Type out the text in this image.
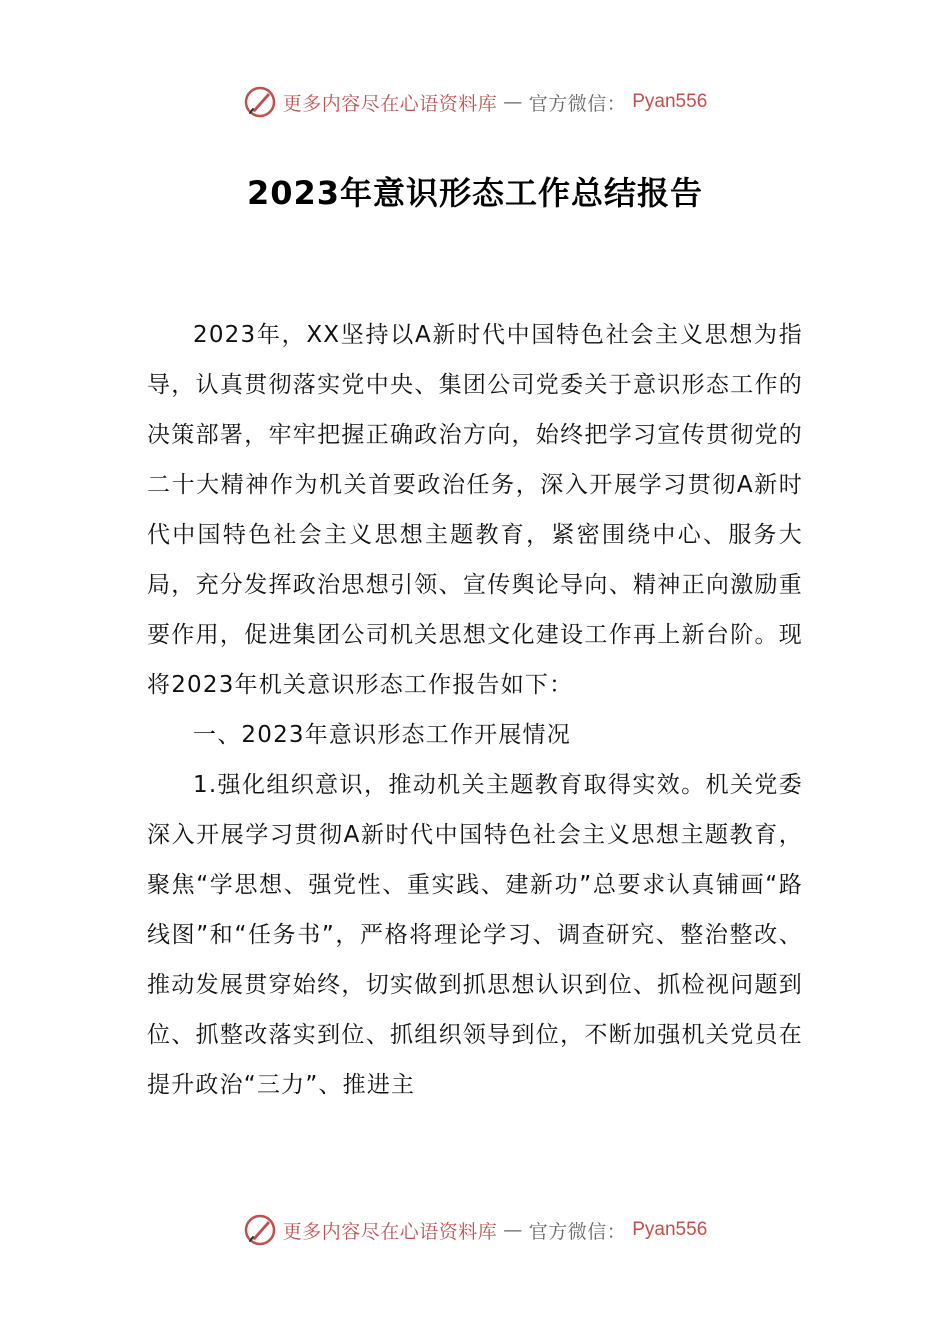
更多内容尽在心语资料库 — 官方微信： Pyan556
2023年意识形态工作总结报告

2023年，XX坚持以A新时代中国特色社会主义思想为指导，认真贯彻落实党中央、集团公司党委关于意识形态工作的决策部署，牢牢把握正确政治方向，始终把学习宣传贯彻党的二十大精神作为机关首要政治任务，深入开展学习贯彻A新时代中国特色社会主义思想主题教育，紧密围绕中心、服务大局，充分发挥政治思想引领、宣传舆论导向、精神正向激励重要作用，促进集团公司机关思想文化建设工作再上新台阶。现将2023年机关意识形态工作报告如下：

一、2023年意识形态工作开展情况

1.强化组织意识，推动机关主题教育取得实效。机关党委深入开展学习贯彻A新时代中国特色社会主义思想主题教育，聚焦“学思想、强党性、重实践、建新功”总要求认真铺画“路线图”和“任务书”，严格将理论学习、调查研究、整治整改、推动发展贯穿始终，切实做到抓思想认识到位、抓检视问题到位、抓整改落实到位、抓组织领导到位，不断加强机关党员在提升政治“三力”、推进主

更多内容尽在心语资料库 — 官方微信： Pyan556
